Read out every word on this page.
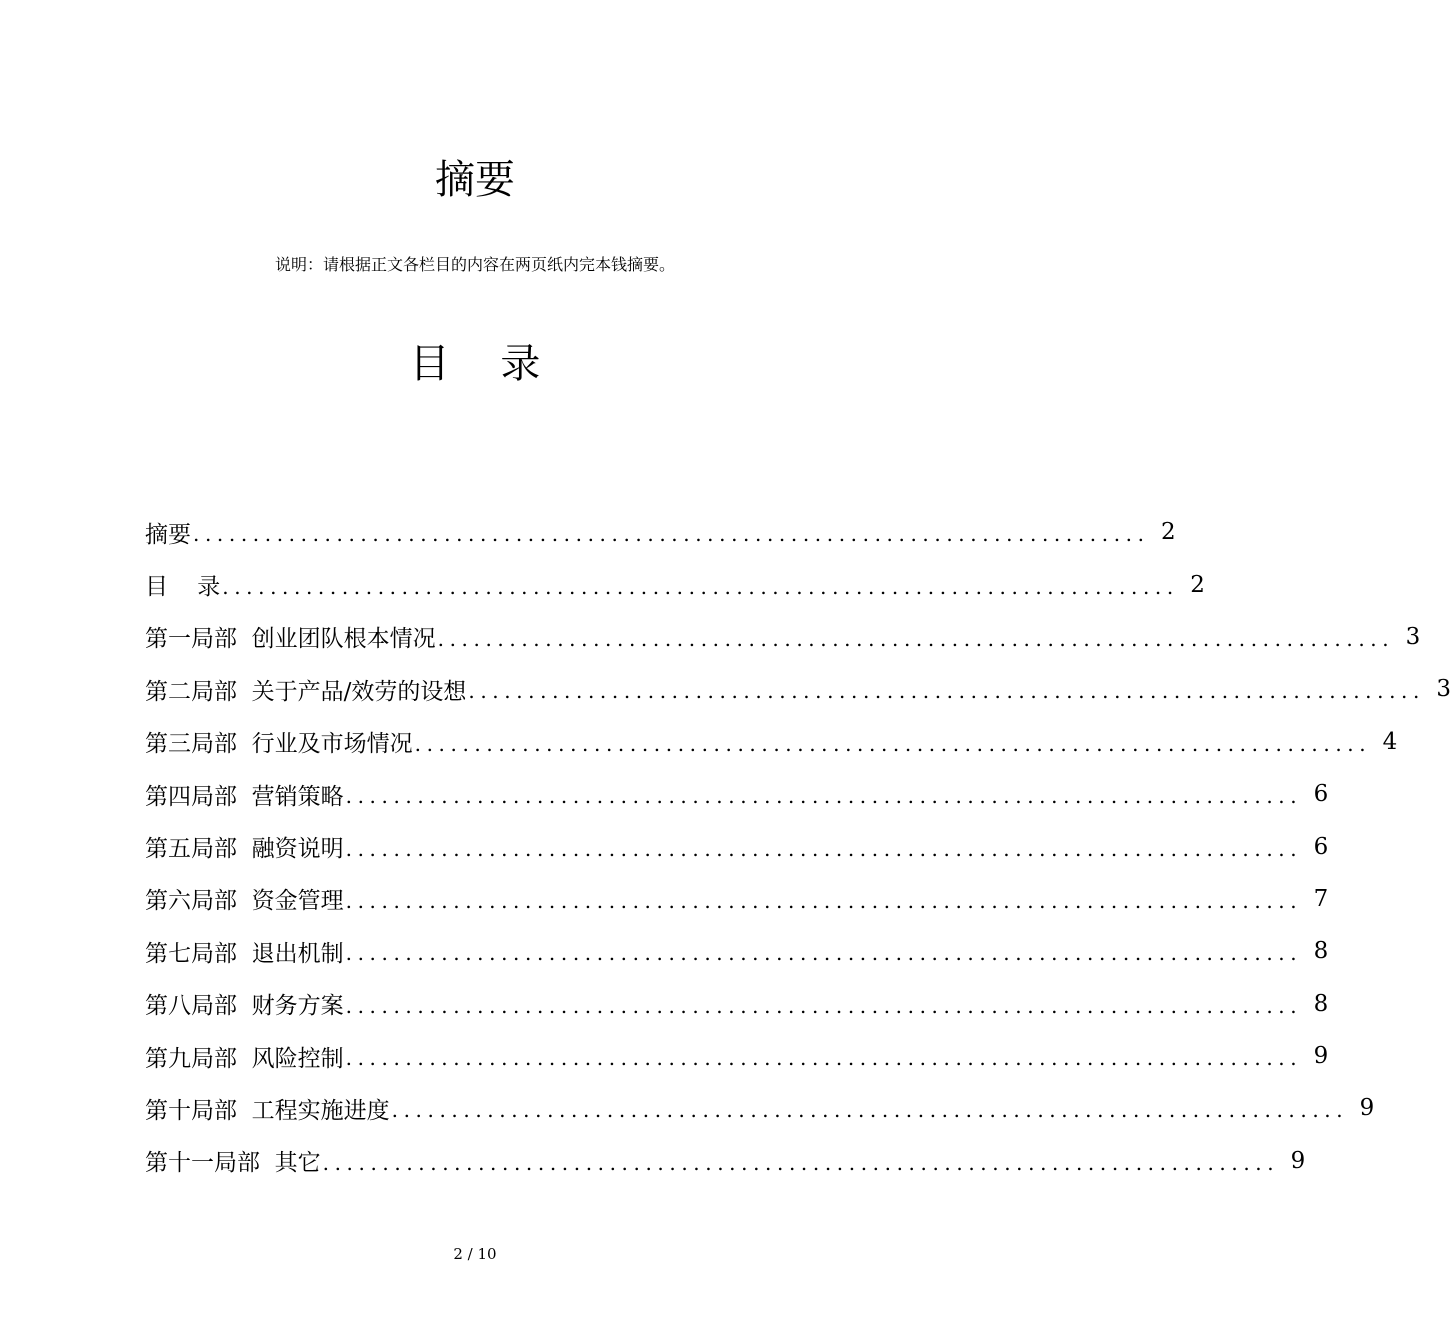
摘要

说明：请根据正文各栏目的内容在两页纸内完本钱摘要。

目    录
摘要 ................................................................................ 2
目    录 ................................................................................ 2
第一局部  创业团队根本情况 ................................................................................ 3
第二局部  关于产品/效劳的设想 ................................................................................ 3
第三局部  行业及市场情况 ................................................................................ 4
第四局部  营销策略 ................................................................................ 6
第五局部  融资说明 ................................................................................ 6
第六局部  资金管理 ................................................................................ 7
第七局部  退出机制 ................................................................................ 8
第八局部  财务方案 ................................................................................ 8
第九局部  风险控制 ................................................................................ 9
第十局部  工程实施进度 ................................................................................ 9
第十一局部  其它 ................................................................................ 9
2 / 10
